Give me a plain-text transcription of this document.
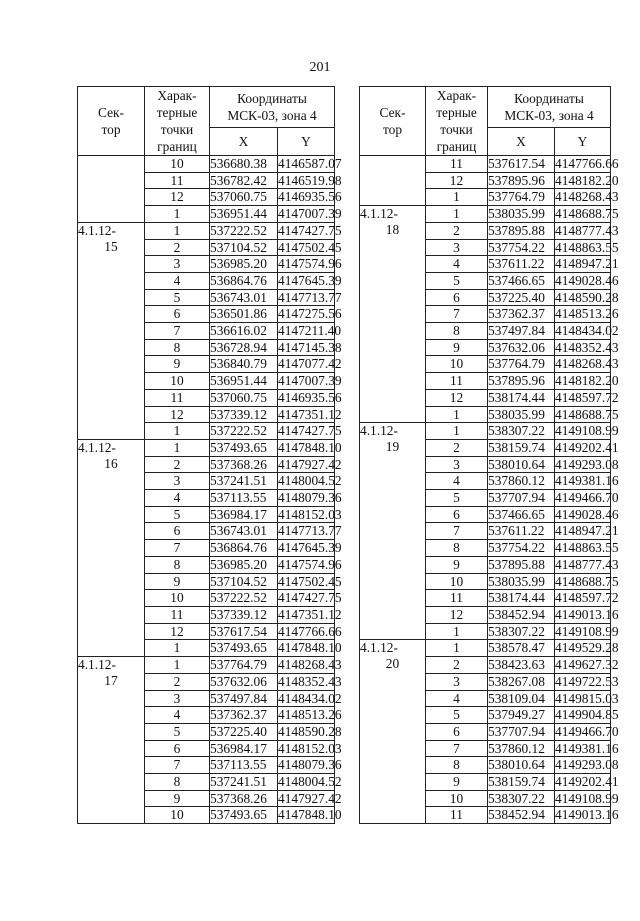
201
Сек-
тор	Харак-
терные
точки
границ	Координаты
МСК-03, зона 4	
		X	Y
	10	536680.38	4146587.07
	11	536782.42	4146519.98
	12	537060.75	4146935.56
	1	536951.44	4147007.39
4.1.12-
15	1	537222.52	4147427.75
	2	537104.52	4147502.45
	3	536985.20	4147574.96
	4	536864.76	4147645.39
	5	536743.01	4147713.77
	6	536501.86	4147275.56
	7	536616.02	4147211.40
	8	536728.94	4147145.38
	9	536840.79	4147077.42
	10	536951.44	4147007.39
	11	537060.75	4146935.56
	12	537339.12	4147351.12
	1	537222.52	4147427.75
4.1.12-
16	1	537493.65	4147848.10
	2	537368.26	4147927.42
	3	537241.51	4148004.52
	4	537113.55	4148079.36
	5	536984.17	4148152.03
	6	536743.01	4147713.77
	7	536864.76	4147645.39
	8	536985.20	4147574.96
	9	537104.52	4147502.45
	10	537222.52	4147427.75
	11	537339.12	4147351.12
	12	537617.54	4147766.66
	1	537493.65	4147848.10
4.1.12-
17	1	537764.79	4148268.43
	2	537632.06	4148352.43
	3	537497.84	4148434.02
	4	537362.37	4148513.26
	5	537225.40	4148590.28
	6	536984.17	4148152.03
	7	537113.55	4148079.36
	8	537241.51	4148004.52
	9	537368.26	4147927.42
	10	537493.65	4147848.10
Сек-
тор	Харак-
терные
точки
границ	Координаты
МСК-03, зона 4	
		X	Y
	11	537617.54	4147766.66
	12	537895.96	4148182.20
	1	537764.79	4148268.43
4.1.12-
18	1	538035.99	4148688.75
	2	537895.88	4148777.43
	3	537754.22	4148863.55
	4	537611.22	4148947.21
	5	537466.65	4149028.46
	6	537225.40	4148590.28
	7	537362.37	4148513.26
	8	537497.84	4148434.02
	9	537632.06	4148352.43
	10	537764.79	4148268.43
	11	537895.96	4148182.20
	12	538174.44	4148597.72
	1	538035.99	4148688.75
4.1.12-
19	1	538307.22	4149108.99
	2	538159.74	4149202.41
	3	538010.64	4149293.08
	4	537860.12	4149381.16
	5	537707.94	4149466.70
	6	537466.65	4149028.46
	7	537611.22	4148947.21
	8	537754.22	4148863.55
	9	537895.88	4148777.43
	10	538035.99	4148688.75
	11	538174.44	4148597.72
	12	538452.94	4149013.16
	1	538307.22	4149108.99
4.1.12-
20	1	538578.47	4149529.28
	2	538423.63	4149627.32
	3	538267.08	4149722.53
	4	538109.04	4149815.03
	5	537949.27	4149904.85
	6	537707.94	4149466.70
	7	537860.12	4149381.16
	8	538010.64	4149293.08
	9	538159.74	4149202.41
	10	538307.22	4149108.99
	11	538452.94	4149013.16
